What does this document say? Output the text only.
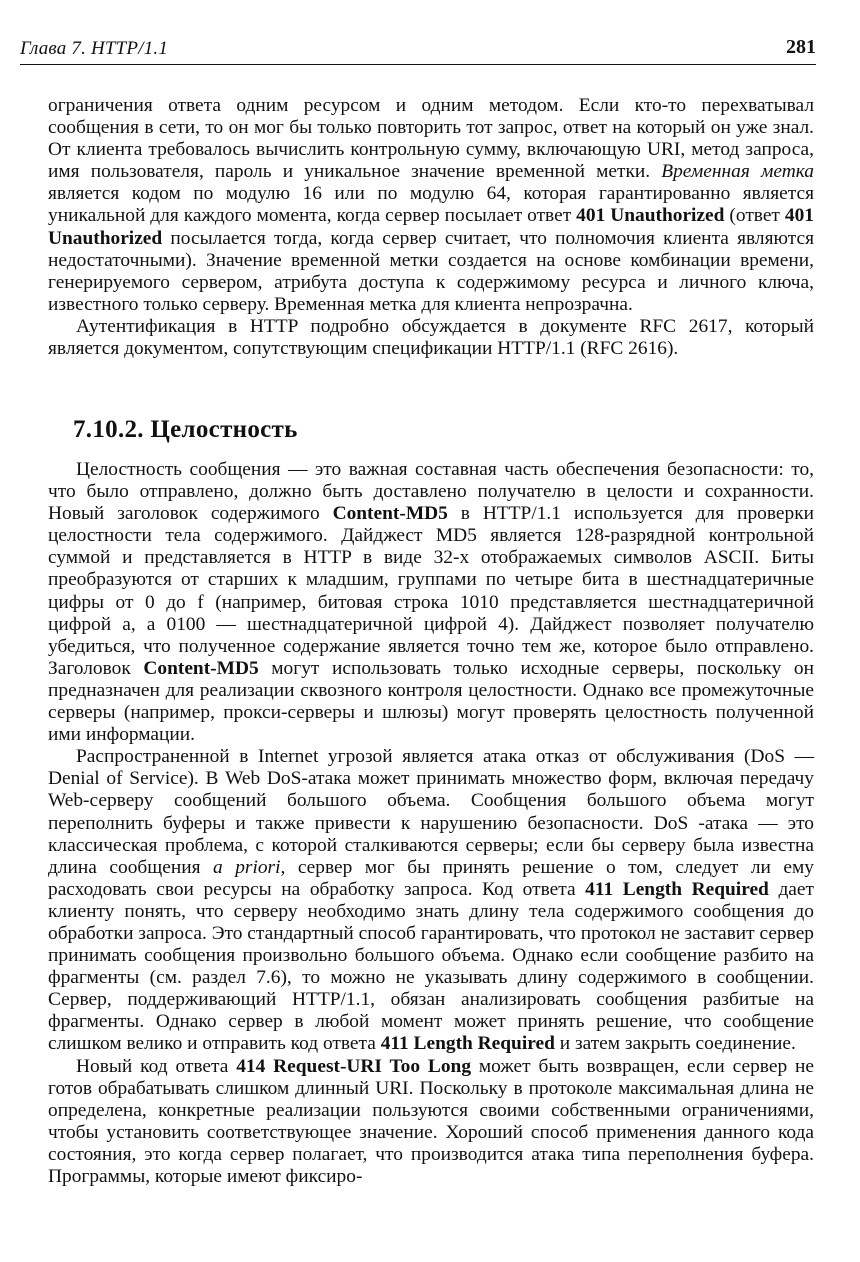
Глава 7. HTTP/1.1	281

ограничения ответа одним ресурсом и одним методом. Если кто-то перехватывал сообщения в сети, то он мог бы только повторить тот запрос, ответ на который он уже знал. От клиента требовалось вычислить контрольную сумму, включающую URI, метод запроса, имя пользователя, пароль и уникальное значение временной метки. Временная метка является кодом по модулю 16 или по модулю 64, которая гарантированно является уникальной для каждого момента, когда сервер посылает ответ 401 Unauthorized (ответ 401 Unauthorized посылается тогда, когда сервер считает, что полномочия клиента являются недостаточными). Значение временной метки создается на основе комбинации времени, генерируемого сервером, атрибута доступа к содержимому ресурса и личного ключа, известного только серверу. Временная метка для клиента непрозрачна.

Аутентификация в HTTP подробно обсуждается в документе RFC 2617, который является документом, сопутствующим спецификации HTTP/1.1 (RFC 2616).

7.10.2. Целостность

Целостность сообщения — это важная составная часть обеспечения безопасности: то, что было отправлено, должно быть доставлено получателю в целости и сохранности. Новый заголовок содержимого Content-MD5 в HTTP/1.1 используется для проверки целостности тела содержимого. Дайджест MD5 является 128-разрядной контрольной суммой и представляется в HTTP в виде 32-х отображаемых символов ASCII. Биты преобразуются от старших к младшим, группами по четыре бита в шестнадцатеричные цифры от 0 до f (например, битовая строка 1010 представляется шестнадцатеричной цифрой a, а 0100 — шестнадцатеричной цифрой 4). Дайджест позволяет получателю убедиться, что полученное содержание является точно тем же, которое было отправлено. Заголовок Content-MD5 могут использовать только исходные серверы, поскольку он предназначен для реализации сквозного контроля целостности. Однако все промежуточные серверы (например, прокси-серверы и шлюзы) могут проверять целостность полученной ими информации.

Распространенной в Internet угрозой является атака отказ от обслуживания (DoS — Denial of Service). В Web DoS-атака может принимать множество форм, включая передачу Web-серверу сообщений большого объема. Сообщения большого объема могут переполнить буферы и также привести к нарушению безопасности. DoS -атака — это классическая проблема, с которой сталкиваются серверы; если бы серверу была известна длина сообщения a priori, сервер мог бы принять решение о том, следует ли ему расходовать свои ресурсы на обработку запроса. Код ответа 411 Length Required дает клиенту понять, что серверу необходимо знать длину тела содержимого сообщения до обработки запроса. Это стандартный способ гарантировать, что протокол не заставит сервер принимать сообщения произвольно большого объема. Однако если сообщение разбито на фрагменты (см. раздел 7.6), то можно не указывать длину содержимого в сообщении. Сервер, поддерживающий HTTP/1.1, обязан анализировать сообщения разбитые на фрагменты. Однако сервер в любой момент может принять решение, что сообщение слишком велико и отправить код ответа 411 Length Required и затем закрыть соединение.

Новый код ответа 414 Request-URI Too Long может быть возвращен, если сервер не готов обрабатывать слишком длинный URI. Поскольку в протоколе максимальная длина не определена, конкретные реализации пользуются своими собственными ограничениями, чтобы установить соответствующее значение. Хороший способ применения данного кода состояния, это когда сервер полагает, что производится атака типа переполнения буфера. Программы, которые имеют фиксиро-
